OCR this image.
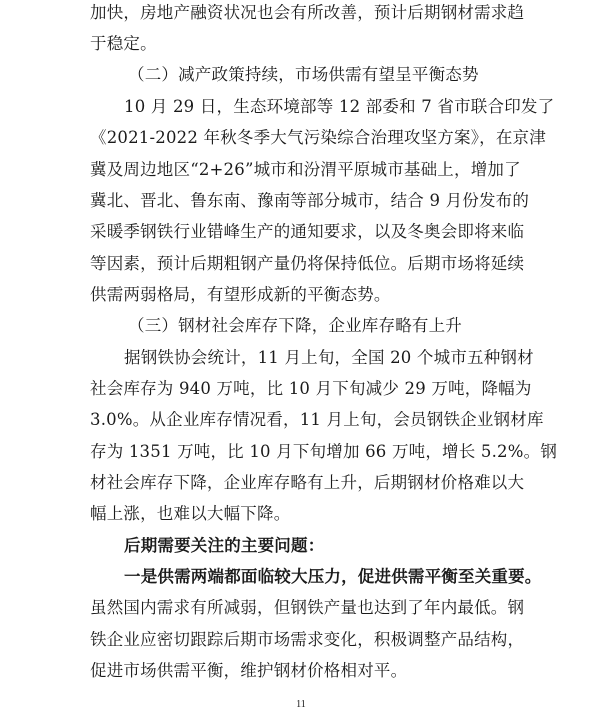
加快，房地产融资状况也会有所改善，预计后期钢材需求趋
于稳定。
（二）减产政策持续，市场供需有望呈平衡态势
10 月 29 日，生态环境部等 12 部委和 7 省市联合印发了
《2021-2022 年秋冬季大气污染综合治理攻坚方案》，在京津
冀及周边地区“2+26”城市和汾渭平原城市基础上，增加了
冀北、晋北、鲁东南、豫南等部分城市，结合 9 月份发布的
采暖季钢铁行业错峰生产的通知要求，以及冬奥会即将来临
等因素，预计后期粗钢产量仍将保持低位。后期市场将延续
供需两弱格局，有望形成新的平衡态势。
（三）钢材社会库存下降，企业库存略有上升
据钢铁协会统计，11 月上旬，全国 20 个城市五种钢材
社会库存为 940 万吨，比 10 月下旬减少 29 万吨，降幅为
3.0%。从企业库存情况看，11 月上旬，会员钢铁企业钢材库
存为 1351 万吨，比 10 月下旬增加 66 万吨，增长 5.2%。钢
材社会库存下降，企业库存略有上升，后期钢材价格难以大
幅上涨，也难以大幅下降。
后期需要关注的主要问题：
一是供需两端都面临较大压力，促进供需平衡至关重要。
虽然国内需求有所减弱，但钢铁产量也达到了年内最低。钢
铁企业应密切跟踪后期市场需求变化，积极调整产品结构，
促进市场供需平衡，维护钢材价格相对平。
11
